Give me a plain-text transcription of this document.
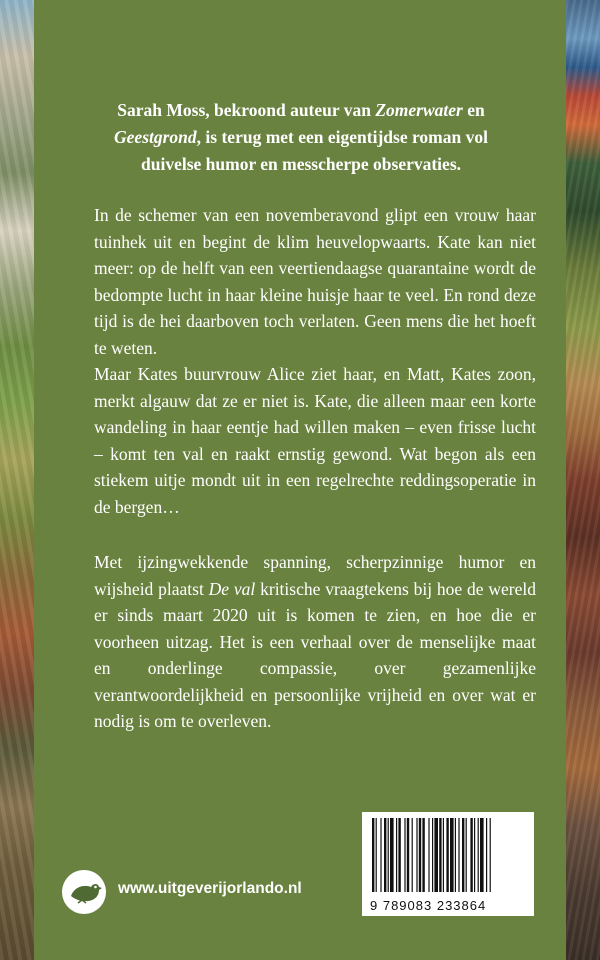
Sarah Moss, bekroond auteur van Zomerwater en
Geestgrond, is terug met een eigentijdse roman vol
duivelse humor en messcherpe observaties.

In de schemer van een novemberavond glipt een vrouw haar tuinhek uit en begint de klim heuvelopwaarts. Kate kan niet meer: op de helft van een veertiendaagse quarantaine wordt de bedompte lucht in haar kleine huisje haar te veel. En rond deze tijd is de hei daarboven toch verlaten. Geen mens die het hoeft te weten.

Maar Kates buurvrouw Alice ziet haar, en Matt, Kates zoon, merkt algauw dat ze er niet is. Kate, die alleen maar een korte wandeling in haar eentje had willen maken – even frisse lucht – komt ten val en raakt ernstig gewond. Wat begon als een stiekem uitje mondt uit in een regelrechte reddingsoperatie in de bergen…

Met ijzingwekkende spanning, scherpzinnige humor en wijsheid plaatst De val kritische vraagtekens bij hoe de wereld er sinds maart 2020 uit is komen te zien, en hoe die er voorheen uitzag. Het is een verhaal over de menselijke maat en onderlinge compassie, over gezamenlijke verantwoordelijkheid en persoonlijke vrijheid en over wat er nodig is om te overleven.

9 789083 233864
www.uitgeverijorlando.nl
